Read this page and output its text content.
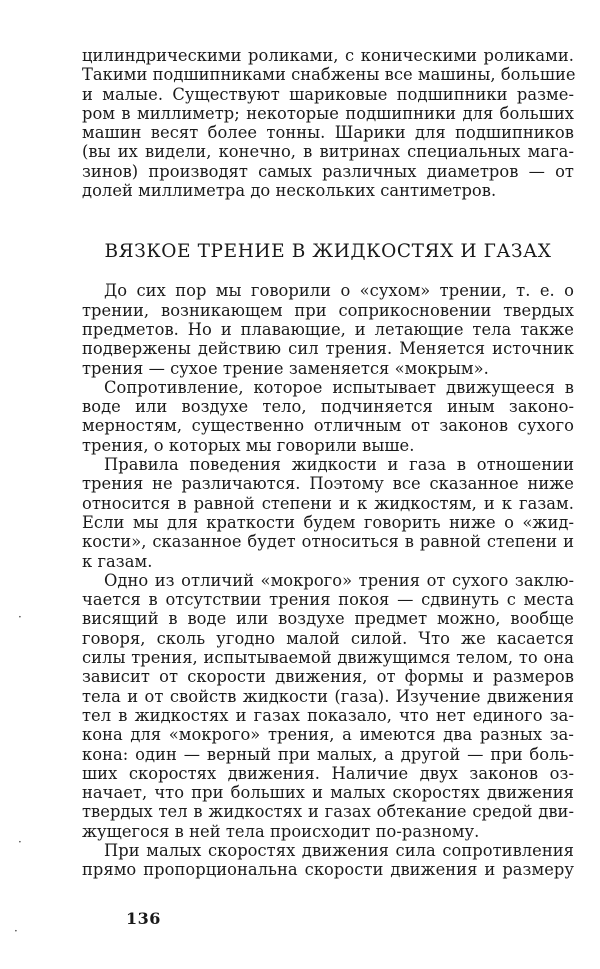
цилиндрическими роликами, с коническими роликами.
Такими подшипниками снабжены все машины, большие
и малые. Существуют шариковые подшипники разме-
ром в миллиметр; некоторые подшипники для больших
машин весят более тонны. Шарики для подшипников
(вы их видели, конечно, в витринах специальных мага-
зинов) производят самых различных диаметров — от
долей миллиметра до нескольких сантиметров.
ВЯЗКОЕ ТРЕНИЕ В ЖИДКОСТЯХ И ГАЗАХ
До сих пор мы говорили о «сухом» трении, т. е. о
трении, возникающем при соприкосновении твердых
предметов. Но и плавающие, и летающие тела также
подвержены действию сил трения. Меняется источник
трения — сухое трение заменяется «мокрым».
Сопротивление, которое испытывает движущееся в
воде или воздухе тело, подчиняется иным законо-
мерностям, существенно отличным от законов сухого
трения, о которых мы говорили выше.
Правила поведения жидкости и газа в отношении
трения не различаются. Поэтому все сказанное ниже
относится в равной степени и к жидкостям, и к газам.
Если мы для краткости будем говорить ниже о «жид-
кости», сказанное будет относиться в равной степени и
к газам.
Одно из отличий «мокрого» трения от сухого заклю-
чается в отсутствии трения покоя — сдвинуть с места
висящий в воде или воздухе предмет можно, вообще
говоря, сколь угодно малой силой. Что же касается
силы трения, испытываемой движущимся телом, то она
зависит от скорости движения, от формы и размеров
тела и от свойств жидкости (газа). Изучение движения
тел в жидкостях и газах показало, что нет единого за-
кона для «мокрого» трения, а имеются два разных за-
кона: один — верный при малых, а другой — при боль-
ших скоростях движения. Наличие двух законов оз-
начает, что при больших и малых скоростях движения
твердых тел в жидкостях и газах обтекание средой дви-
жущегося в ней тела происходит по-разному.
При малых скоростях движения сила сопротивления
прямо пропорциональна скорости движения и размеру
136
·
·
·
